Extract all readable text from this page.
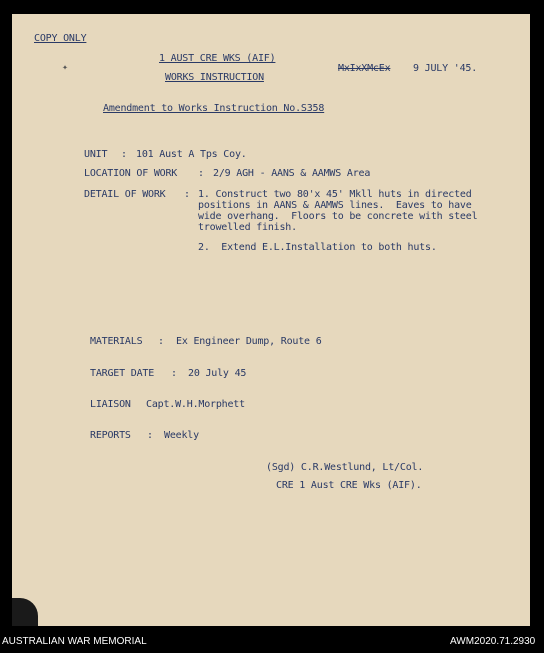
✦
COPY ONLY
1 AUST CRE WKS (AIF)
WORKS INSTRUCTION
MxIxXMcEx 9 JULY '45.
Amendment to Works Instruction No.S358
UNIT : 101 Aust A Tps Coy.
LOCATION OF WORK : 2/9 AGH - AANS & AAMWS Area
DETAIL OF WORK : 1. Construct two 80'x 45' Mkll huts in directed
positions in AANS & AAMWS lines.  Eaves to have
wide overhang.  Floors to be concrete with steel
trowelled finish.
2.  Extend E.L.Installation to both huts.
MATERIALS : Ex Engineer Dump, Route 6
TARGET DATE : 20 July 45
LIAISON Capt.W.H.Morphett
REPORTS : Weekly
(Sgd) C.R.Westlund, Lt/Col.
CRE 1 Aust CRE Wks (AIF).
AUSTRALIAN WAR MEMORIAL	AWM2020.71.2930
